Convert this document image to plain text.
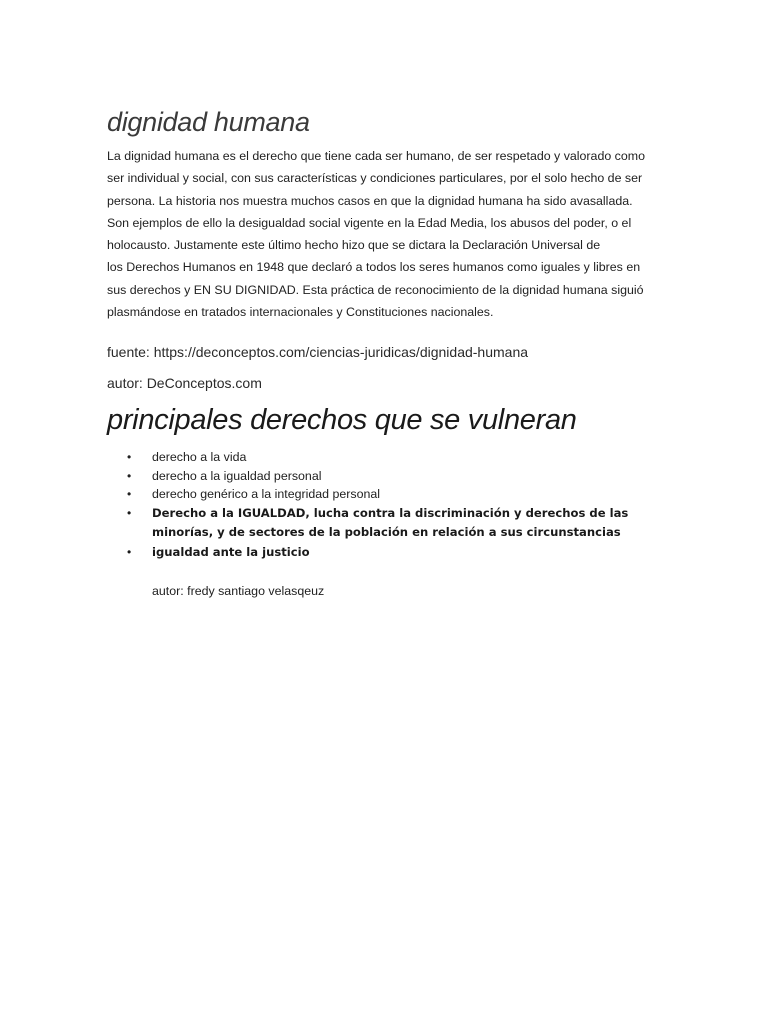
dignidad humana

La dignidad humana es el derecho que tiene cada ser humano, de ser respetado y valorado como
ser individual y social, con sus características y condiciones particulares, por el solo hecho de ser
persona. La historia nos muestra muchos casos en que la dignidad humana ha sido avasallada.
Son ejemplos de ello la desigualdad social vigente en la Edad Media, los abusos del poder, o el
holocausto. Justamente este último hecho hizo que se dictara la Declaración Universal de
los Derechos Humanos en 1948 que declaró a todos los seres humanos como iguales y libres en
sus derechos y EN SU DIGNIDAD. Esta práctica de reconocimiento de la dignidad humana siguió
plasmándose en tratados internacionales y Constituciones nacionales.

fuente: https://deconceptos.com/ciencias-juridicas/dignidad-humana

autor: DeConceptos.com

principales derechos que se vulneran
• derecho a la vida
• derecho a la igualdad personal
• derecho genérico a la integridad personal
• Derecho a la IGUALDAD, lucha contra la discriminación y derechos de las minorías, y de sectores de la población en relación a sus circunstancias
• igualdad ante la justicio

autor: fredy santiago velasqeuz
